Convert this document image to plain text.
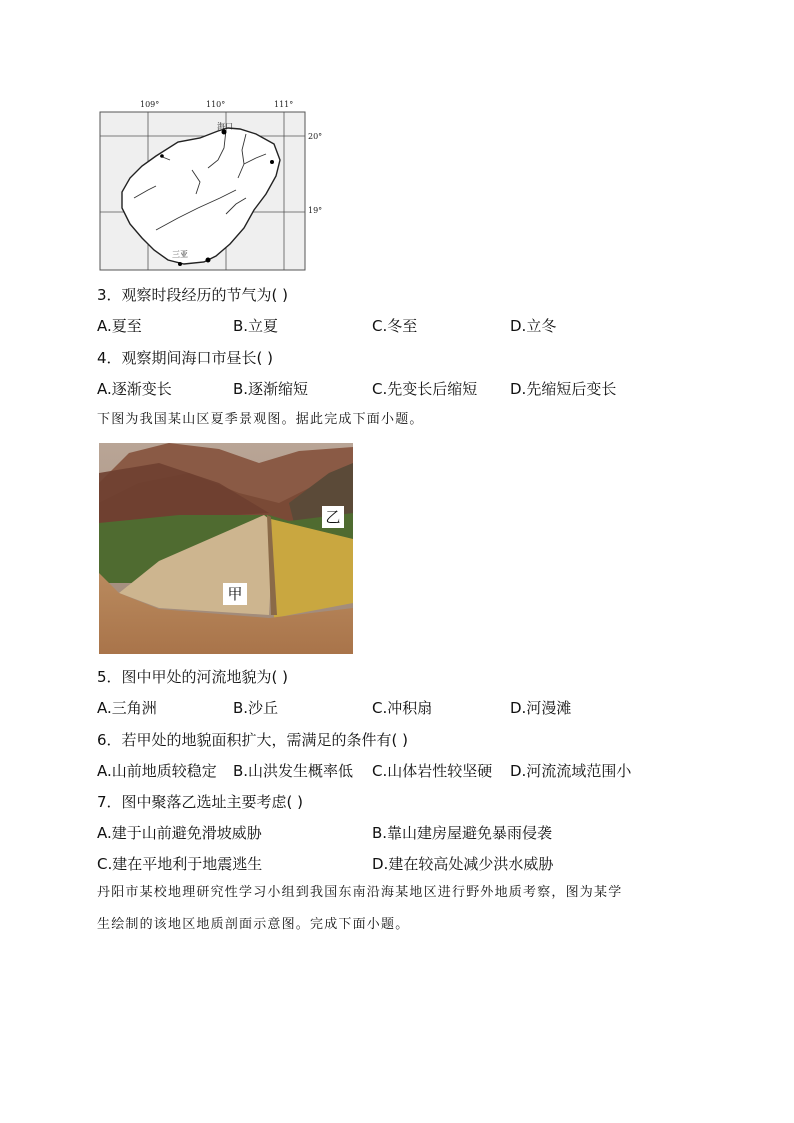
109°	110°	111°
20°
19°
海口
三亚
3．观察时段经历的节气为( )
A.夏至	B.立夏	C.冬至	D.立冬
4．观察期间海口市昼长( )
A.逐渐变长	B.逐渐缩短	C.先变长后缩短 D.先缩短后变长
下图为我国某山区夏季景观图。据此完成下面小题。
乙
甲
5．图中甲处的河流地貌为( )
A.三角洲	B.沙丘	C.冲积扇	D.河漫滩
6．若甲处的地貌面积扩大，需满足的条件有( )
A.山前地质较稳定 B.山洪发生概率低 C.山体岩性较坚硬 D.河流流域范围小
7．图中聚落乙选址主要考虑( )
A.建于山前避免滑坡威胁	B.靠山建房屋避免暴雨侵袭
C.建在平地利于地震逃生	D.建在较高处减少洪水威胁
丹阳市某校地理研究性学习小组到我国东南沿海某地区进行野外地质考察，图为某学
生绘制的该地区地质剖面示意图。完成下面小题。
